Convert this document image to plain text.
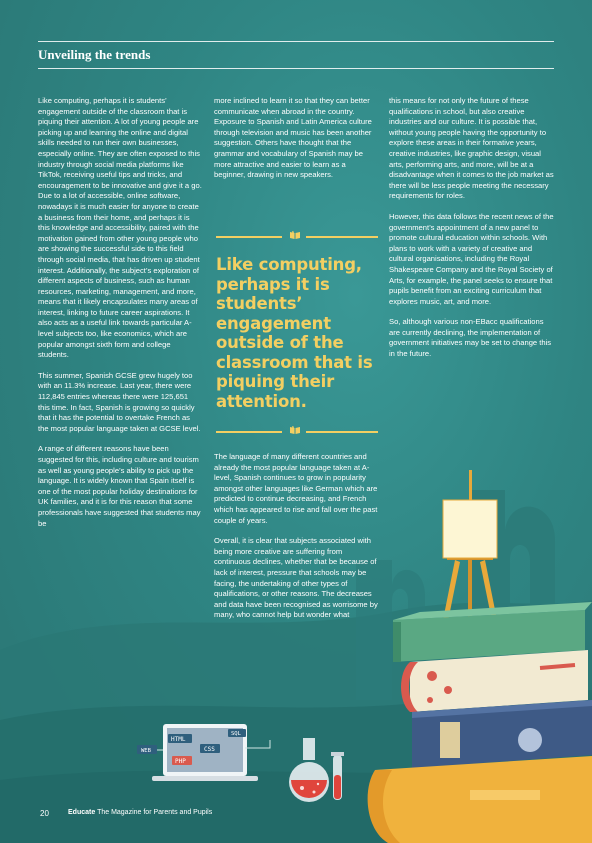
Unveiling the trends

Like computing, perhaps it is students’ engagement outside of the classroom that is piquing their attention. A lot of young people are picking up and learning the online and digital skills needed to run their own businesses, especially online. They are often exposed to this industry through social media platforms like TikTok, receiving useful tips and tricks, and encouragement to be innovative and give it a go. Due to a lot of accessible, online software, nowadays it is much easier for anyone to create a business from their home, and perhaps it is this knowledge and accessibility, paired with the motivation gained from other young people who are showing the successful side to this field through social media, that has driven up student interest. Additionally, the subject’s exploration of different aspects of business, such as human resources, marketing, management, and more, means that it likely encapsulates many areas of interest, linking to future career aspirations. It also acts as a useful link towards particular A-level subjects too, like economics, which are popular amongst sixth form and college students.

This summer, Spanish GCSE grew hugely too with an 11.3% increase. Last year, there were 112,845 entries whereas there were 125,651 this time. In fact, Spanish is growing so quickly that it has the potential to overtake French as the most popular language taken at GCSE level.

A range of different reasons have been suggested for this, including culture and tourism as well as young people’s ability to pick up the language. It is widely known that Spain itself is one of the most popular holiday destinations for UK families, and it is for this reason that some professionals have suggested that students may be

more inclined to learn it so that they can better communicate when abroad in the country. Exposure to Spanish and Latin America culture through television and music has been another suggestion. Others have thought that the grammar and vocabulary of Spanish may be more attractive and easier to learn as a beginner, drawing in new speakers.

Like computing, perhaps it is students’ engagement outside of the classroom that is piquing their attention.

The language of many different countries and already the most popular language taken at A-level, Spanish continues to grow in popularity amongst other languages like German which are predicted to continue decreasing, and French which has appeared to rise and fall over the past couple of years.

Overall, it is clear that subjects associated with being more creative are suffering from continuous declines, whether that be because of lack of interest, pressure that schools may be facing, the undertaking of other types of qualifications, or other reasons. The decreases and data have been recognised as worrisome by many, who cannot help but wonder what

this means for not only the future of these qualifications in school, but also creative industries and our culture. It is possible that, without young people having the opportunity to explore these areas in their formative years, creative industries, like graphic design, visual arts, performing arts, and more, will be at a disadvantage when it comes to the job market as there will be less people meeting the necessary requirements for roles.

However, this data follows the recent news of the government’s appointment of a new panel to promote cultural education within schools. With plans to work with a variety of creative and cultural organisations, including the Royal Shakespeare Company and the Royal Society of Arts, for example, the panel seeks to ensure that pupils benefit from an exciting curriculum that explores music, art, and more.

So, although various non-EBacc qualifications are currently declining, the implementation of government initiatives may be set to change this in the future.

HTML
CSS
PHP
SQL
WEB
20	Educate The Magazine for Parents and Pupils
